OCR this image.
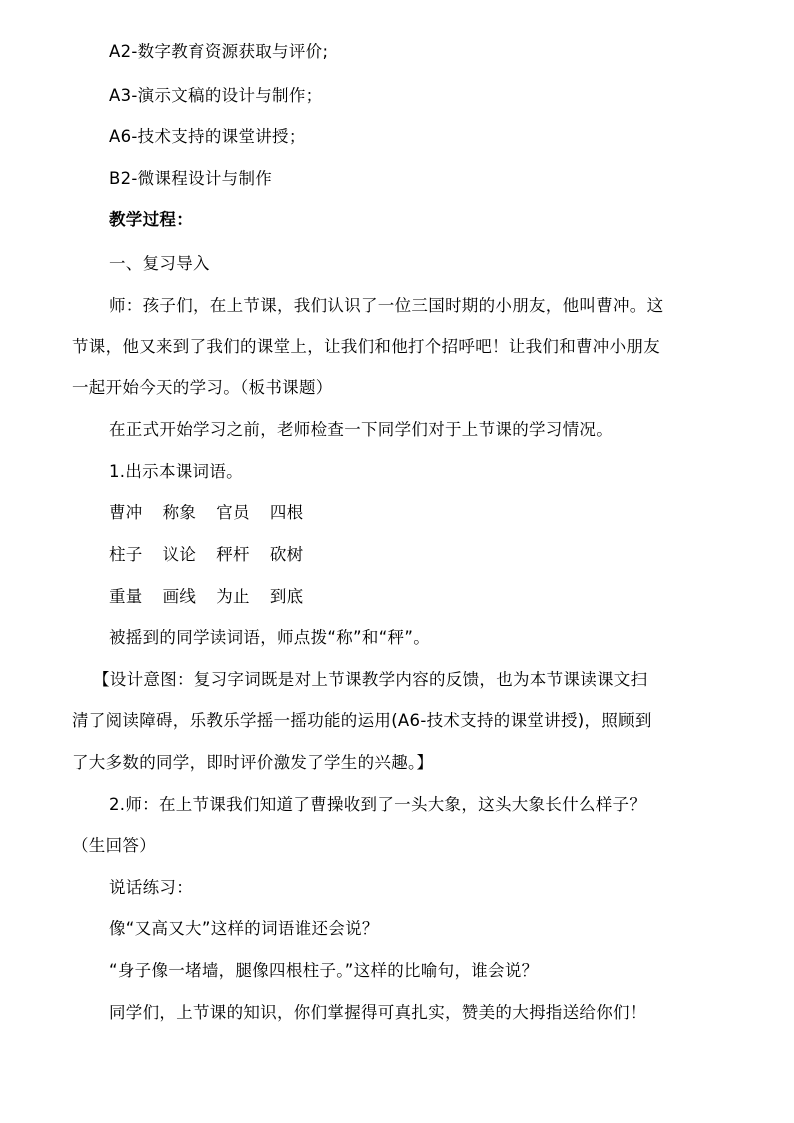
A2-数字教育资源获取与评价;
A3-演示文稿的设计与制作；
A6-技术支持的课堂讲授；
B2-微课程设计与制作
教学过程：
一、复习导入
师：孩子们，在上节课，我们认识了一位三国时期的小朋友，他叫曹冲。这
节课，他又来到了我们的课堂上，让我们和他打个招呼吧！让我们和曹冲小朋友
一起开始今天的学习。（板书课题）
在正式开始学习之前，老师检查一下同学们对于上节课的学习情况。
1.出示本课词语。
曹冲 称象 官员 四根
柱子 议论 秤杆 砍树
重量 画线 为止 到底
被摇到的同学读词语，师点拨“称”和“秤”。
【设计意图：复习字词既是对上节课教学内容的反馈，也为本节课读课文扫
清了阅读障碍，乐教乐学摇一摇功能的运用(A6-技术支持的课堂讲授)，照顾到
了大多数的同学，即时评价激发了学生的兴趣。】
2.师：在上节课我们知道了曹操收到了一头大象，这头大象长什么样子？
（生回答）
说话练习：
像“又高又大”这样的词语谁还会说？
“身子像一堵墙，腿像四根柱子。”这样的比喻句，谁会说？
同学们，上节课的知识，你们掌握得可真扎实，赞美的大拇指送给你们！
